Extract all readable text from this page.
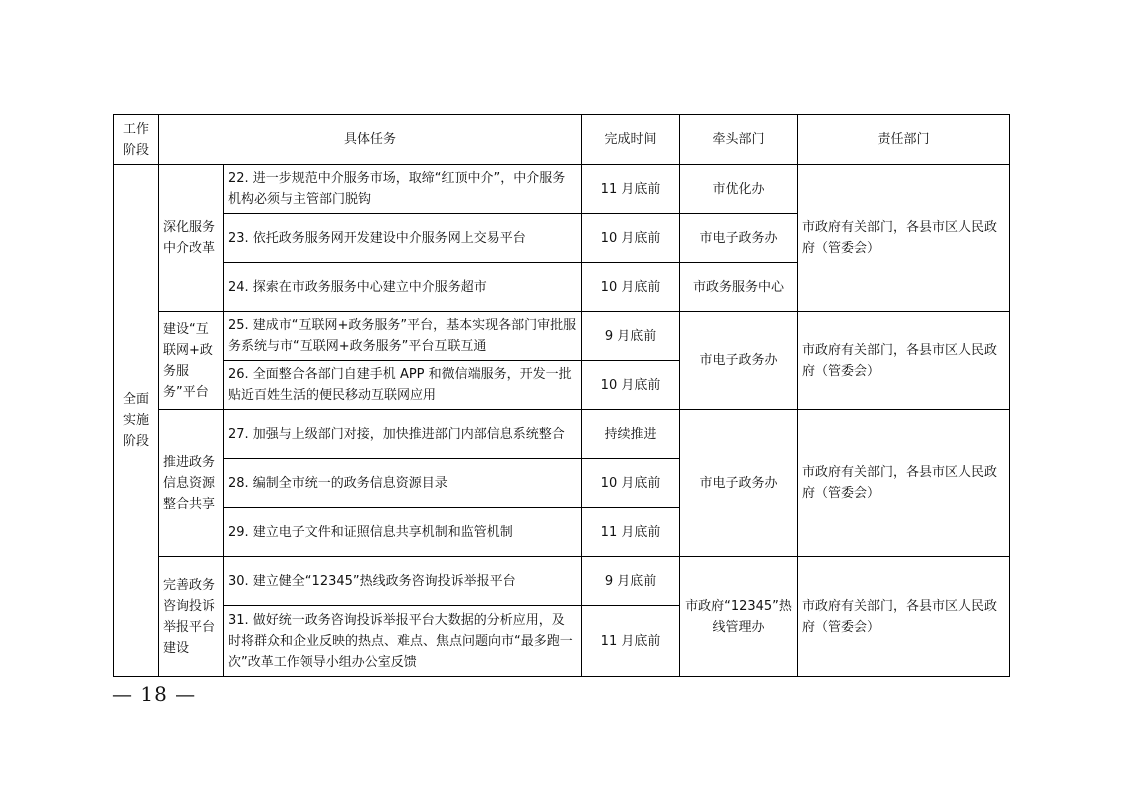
工作阶段	具体任务		完成时间	牵头部门	责任部门
全面实施阶段	深化服务中介改革	22. 进一步规范中介服务市场，取缔“红顶中介”，中介服务机构必须与主管部门脱钩	11 月底前	市优化办	市政府有关部门，各县市区人民政府（管委会）
		23. 依托政务服务网开发建设中介服务网上交易平台	10 月底前	市电子政务办	
		24. 探索在市政务服务中心建立中介服务超市	10 月底前	市政务服务中心	
	建设“互联网+政务服务”平台	25. 建成市“互联网+政务服务”平台，基本实现各部门审批服务系统与市“互联网+政务服务”平台互联互通	9 月底前	市电子政务办	市政府有关部门，各县市区人民政府（管委会）
		26. 全面整合各部门自建手机 APP 和微信端服务，开发一批贴近百姓生活的便民移动互联网应用	10 月底前		
	推进政务信息资源整合共享	27. 加强与上级部门对接，加快推进部门内部信息系统整合	持续推进	市电子政务办	市政府有关部门，各县市区人民政府（管委会）
		28. 编制全市统一的政务信息资源目录	10 月底前		
		29. 建立电子文件和证照信息共享机制和监管机制	11 月底前		
	完善政务咨询投诉举报平台建设	30. 建立健全“12345”热线政务咨询投诉举报平台	9 月底前	市政府“12345”热线管理办	市政府有关部门，各县市区人民政府（管委会）
		31. 做好统一政务咨询投诉举报平台大数据的分析应用，及时将群众和企业反映的热点、难点、焦点问题向市“最多跑一次”改革工作领导小组办公室反馈	11 月底前		
— 18 —
